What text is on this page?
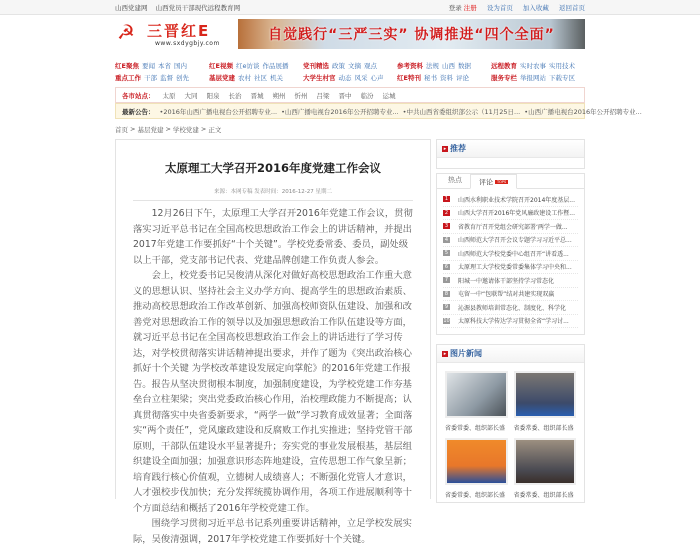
山西党建网 山西党员干部现代远程教育网	登录 注册 设为首页 加入收藏 返回首页
☭ 三晋红E
www.sxdygbjy.com
自觉践行“三严三实” 协调推进“四个全面”
红E聚焦 要闻 本省 国内	红E视频 红e访谈 作品展播	党刊精选 政策 文摘 观点	参考资料 法规 山西 数据	远程教育 实时农事 实用技术
重点工作 干部 监督 创先	基层党建 农村 社区 机关	大学生村官 动态 风采 心声	红E特刊 秘书 资料 评论	服务专栏 举报网站 下载专区
各市站点： 太原 大同 阳泉 长治 晋城 朔州 忻州 吕梁 晋中 临汾 运城
最新公告： •2016年山西广播电视台公开招聘专业... •山西广播电视台2016年公开招聘专业... •中共山西省委组织部公示（11月25日... •山西广播电视台2016年公开招聘专业...
首页 > 基层党建 > 学校党建 > 正文
太原理工大学召开2016年度党建工作会议
来源：本网专稿 发表时间：2016-12-27 星期二

12月26日下午，太原理工大学召开2016年党建工作会议，贯彻落实习近平总书记在全国高校思想政治工作会上的讲话精神，并提出2017年党建工作要抓好“十个关键”。学校党委常委、委员，副处级以上干部，党支部书记代表、党建品牌创建工作负责人参会。

会上，校党委书记吴俊清从深化对做好高校思想政治工作重大意义的思想认识、坚持社会主义办学方向、提高学生的思想政治素质、推动高校思想政治工作改革创新、加强高校师资队伍建设、加强和改善党对思想政治工作的领导以及加强思想政治工作队伍建设等方面，就习近平总书记在全国高校思想政治工作会上的讲话进行了学习传达，对学校贯彻落实讲话精神提出要求，并作了题为《突出政治核心 抓好十个关键 为学校改革建设发展定向掌舵》的2016年党建工作报告。报告从坚决贯彻根本制度，加强制度建设，为学校党建工作夯基垒台立柱架梁；突出党委政治核心作用，治校理政能力不断提高；认真贯彻落实中央省委新要求，“两学一做”学习教育成效显著；全面落实“两个责任”，党风廉政建设和反腐败工作扎实推进；坚持党管干部原则，干部队伍建设水平显著提升；夯实党的事业发展根基，基层组织建设全面加强；加强意识形态阵地建设，宣传思想工作气象呈新；培育践行核心价值观，立德树人成绩喜人；不断强化党管人才意识，人才强校步伐加快；充分发挥统揽协调作用，各项工作进展顺利等十个方面总结和概括了2016年学校党建工作。

围绕学习贯彻习近平总书记系列重要讲话精神，立足学校发展实际，吴俊清强调，2017年学校党建工作要抓好十个关键。

▸ 推荐
热点	评论 TOPS
1	山西水利职业技术学院召开2014年度基层...
2	山西大学召开2016年党风廉政建设工作暨...
3	省教育厅召开党组会研究部署‘两学一做...
4	山西师范大学召开会议专题学习习近平总...
5	山西师范大学校党委中心组召开“讲看透...
6	太原理工大学校党委常委集体学习中央和...
7	阳城一中邀请体干部坚持学习常态化
8	屯留一中“包联帮”结对共建实现双赢
9	沁源县教师培训常态化、制度化、科学化
10 太原科技大学传达学习贯彻全省“学习讨...
▸ 图片新闻
省委常委、组织部长盛	省委常委、组织部长盛
省委常委、组织部长盛	省委常委、组织部长盛
